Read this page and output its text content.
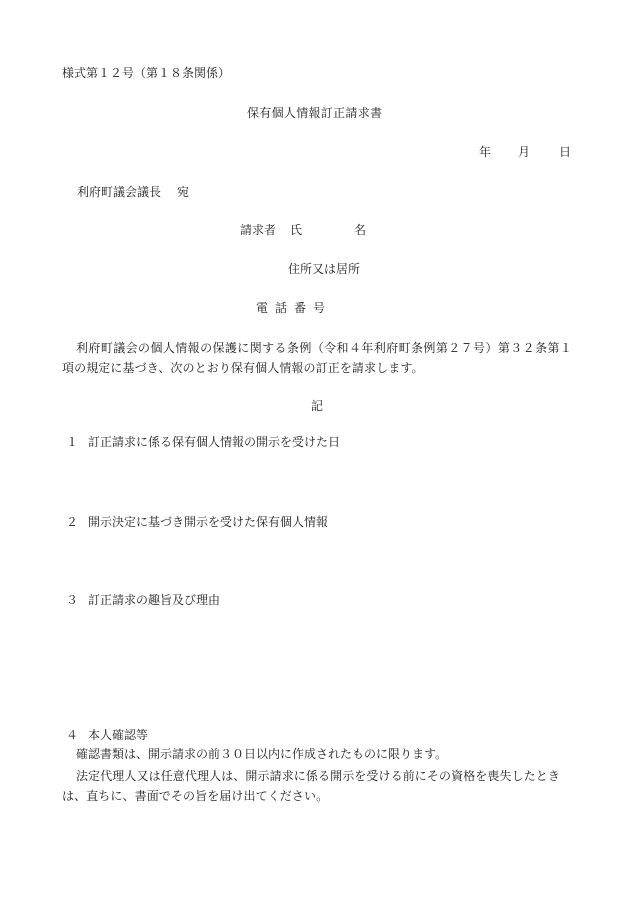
様式第１２号（第１８条関係）
保有個人情報訂正請求書
年 月 日
利府町議会議長 宛
請求者 氏	名
住所又は居所
電話番号
利府町議会の個人情報の保護に関する条例（令和４年利府町条例第２７号）第３２条第１項の規定に基づき、次のとおり保有個人情報の訂正を請求します。
記
１ 訂正請求に係る保有個人情報の開示を受けた日
２ 開示決定に基づき開示を受けた保有個人情報
３ 訂正請求の趣旨及び理由
４ 本人確認等
確認書類は、開示請求の前３０日以内に作成されたものに限ります。
法定代理人又は任意代理人は、開示請求に係る開示を受ける前にその資格を喪失したときは、直ちに、書面でその旨を届け出てください。
